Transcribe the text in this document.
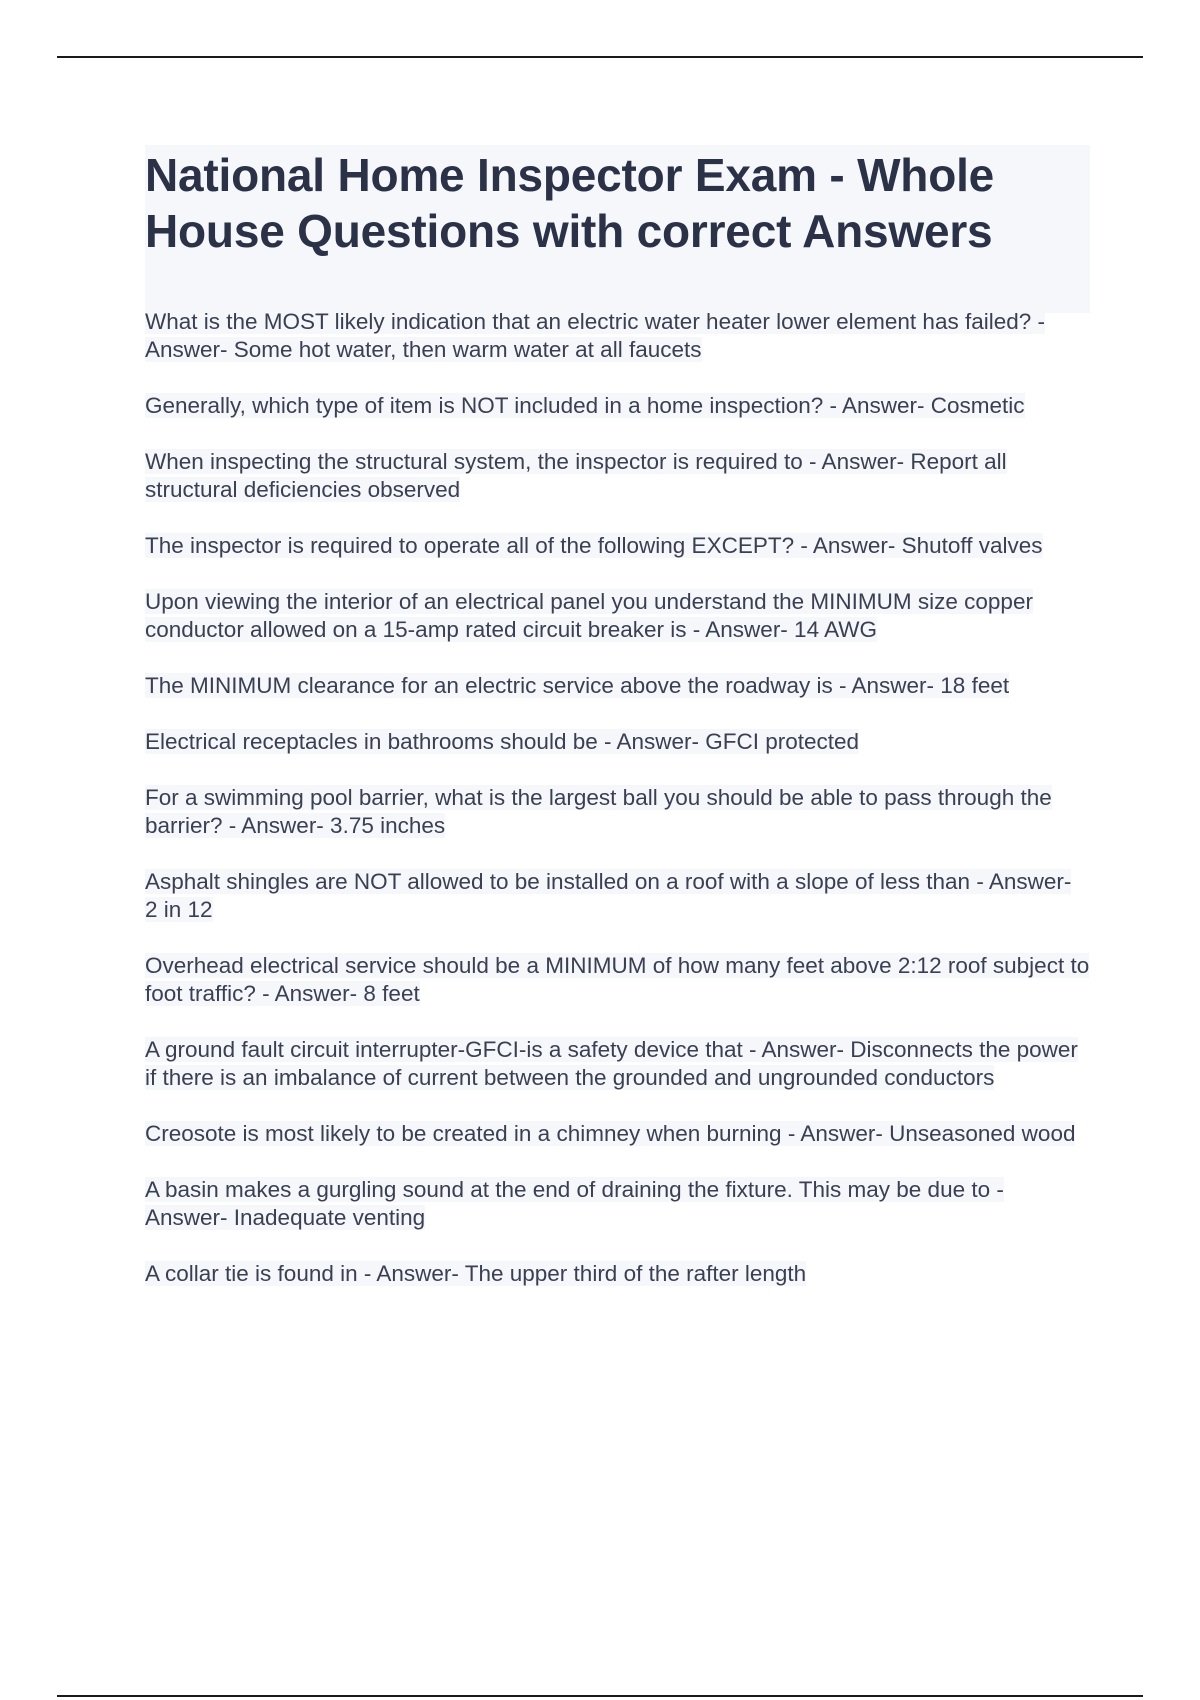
National Home Inspector Exam - Whole House Questions with correct Answers
What is the MOST likely indication that an electric water heater lower element has failed? - Answer- Some hot water, then warm water at all faucets
Generally, which type of item is NOT included in a home inspection? - Answer- Cosmetic
When inspecting the structural system, the inspector is required to - Answer- Report all structural deficiencies observed
The inspector is required to operate all of the following EXCEPT? - Answer- Shutoff valves
Upon viewing the interior of an electrical panel you understand the MINIMUM size copper conductor allowed on a 15-amp rated circuit breaker is - Answer- 14 AWG
The MINIMUM clearance for an electric service above the roadway is - Answer- 18 feet
Electrical receptacles in bathrooms should be - Answer- GFCI protected
For a swimming pool barrier, what is the largest ball you should be able to pass through the barrier? - Answer- 3.75 inches
Asphalt shingles are NOT allowed to be installed on a roof with a slope of less than - Answer- 2 in 12
Overhead electrical service should be a MINIMUM of how many feet above 2:12 roof subject to foot traffic? - Answer- 8 feet
A ground fault circuit interrupter-GFCI-is a safety device that - Answer- Disconnects the power if there is an imbalance of current between the grounded and ungrounded conductors
Creosote is most likely to be created in a chimney when burning - Answer- Unseasoned wood
A basin makes a gurgling sound at the end of draining the fixture. This may be due to - Answer- Inadequate venting
A collar tie is found in - Answer- The upper third of the rafter length
